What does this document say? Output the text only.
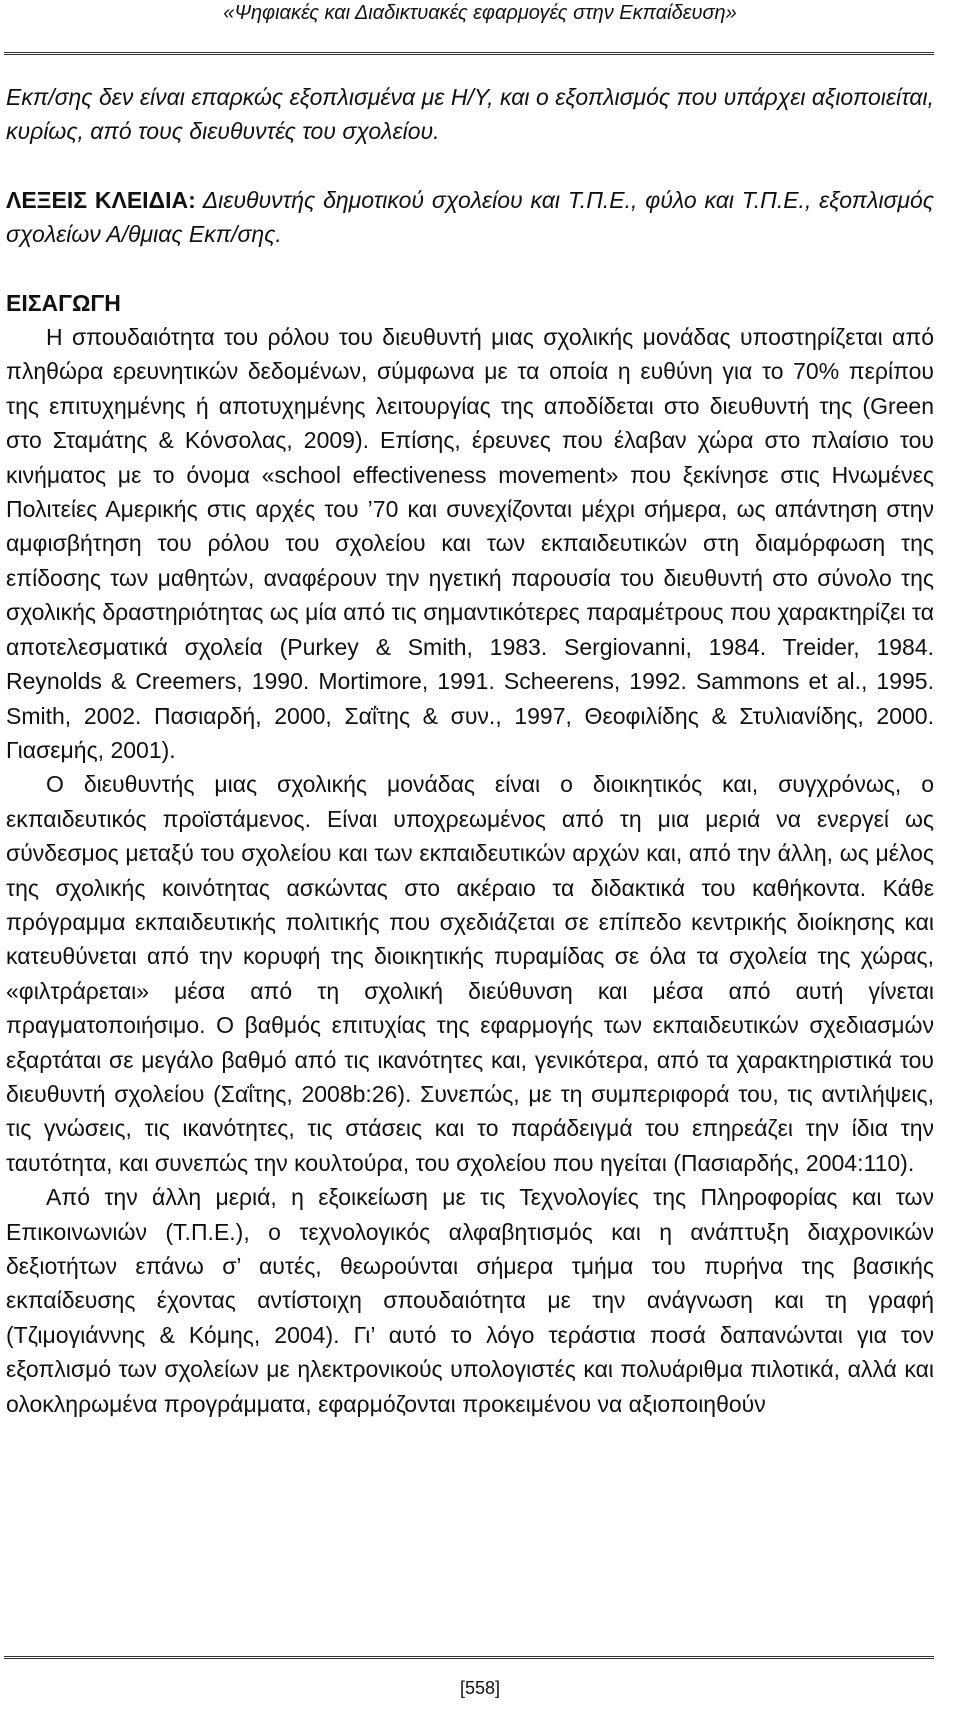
«Ψηφιακές και Διαδικτυακές εφαρμογές στην Εκπαίδευση»

Εκπ/σης δεν είναι επαρκώς εξοπλισμένα με Η/Υ, και ο εξοπλισμός που υπάρχει αξιοποιείται, κυρίως, από τους διευθυντές του σχολείου.

ΛΕΞΕΙΣ ΚΛΕΙΔΙΑ: Διευθυντής δημοτικού σχολείου και Τ.Π.Ε., φύλο και Τ.Π.Ε., εξοπλισμός σχολείων Α/θμιας Εκπ/σης.

ΕΙΣΑΓΩΓΗ

Η σπουδαιότητα του ρόλου του διευθυντή μιας σχολικής μονάδας υποστηρίζεται από πληθώρα ερευνητικών δεδομένων, σύμφωνα με τα οποία η ευθύνη για το 70% περίπου της επιτυχημένης ή αποτυχημένης λειτουργίας της αποδίδεται στο διευθυντή της (Green στο Σταμάτης & Κόνσολας, 2009). Επίσης, έρευνες που έλαβαν χώρα στο πλαίσιο του κινήματος με το όνομα «school effectiveness movement» που ξεκίνησε στις Ηνωμένες Πολιτείες Αμερικής στις αρχές του ’70 και συνεχίζονται μέχρι σήμερα, ως απάντηση στην αμφισβήτηση του ρόλου του σχολείου και των εκπαιδευτικών στη διαμόρφωση της επίδοσης των μαθητών, αναφέρουν την ηγετική παρουσία του διευθυντή στο σύνολο της σχολικής δραστηριότητας ως μία από τις σημαντικότερες παραμέτρους που χαρακτηρίζει τα αποτελεσματικά σχολεία (Purkey & Smith, 1983. Sergiovanni, 1984. Treider, 1984. Reynolds & Creemers, 1990. Mortimore, 1991. Scheerens, 1992. Sammons et al., 1995. Smith, 2002. Πασιαρδή, 2000, Σαΐτης & συν., 1997, Θεοφιλίδης & Στυλιανίδης, 2000. Γιασεμής, 2001).

Ο διευθυντής μιας σχολικής μονάδας είναι ο διοικητικός και, συγχρόνως, ο εκπαιδευτικός προϊστάμενος. Είναι υποχρεωμένος από τη μια μεριά να ενεργεί ως σύνδεσμος μεταξύ του σχολείου και των εκπαιδευτικών αρχών και, από την άλλη, ως μέλος της σχολικής κοινότητας ασκώντας στο ακέραιο τα διδακτικά του καθήκοντα. Κάθε πρόγραμμα εκπαιδευτικής πολιτικής που σχεδιάζεται σε επίπεδο κεντρικής διοίκησης και κατευθύνεται από την κορυφή της διοικητικής πυραμίδας σε όλα τα σχολεία της χώρας, «φιλτράρεται» μέσα από τη σχολική διεύθυνση και μέσα από αυτή γίνεται πραγματοποιήσιμο. Ο βαθμός επιτυχίας της εφαρμογής των εκπαιδευτικών σχεδιασμών εξαρτάται σε μεγάλο βαθμό από τις ικανότητες και, γενικότερα, από τα χαρακτηριστικά του διευθυντή σχολείου (Σαΐτης, 2008b:26). Συνεπώς, με τη συμπεριφορά του, τις αντιλήψεις, τις γνώσεις, τις ικανότητες, τις στάσεις και το παράδειγμά του επηρεάζει την ίδια την ταυτότητα, και συνεπώς την κουλτούρα, του σχολείου που ηγείται (Πασιαρδής, 2004:110).

Από την άλλη μεριά, η εξοικείωση με τις Τεχνολογίες της Πληροφορίας και των Επικοινωνιών (Τ.Π.Ε.), ο τεχνολογικός αλφαβητισμός και η ανάπτυξη διαχρονικών δεξιοτήτων επάνω σ’ αυτές, θεωρούνται σήμερα τμήμα του πυρήνα της βασικής εκπαίδευσης έχοντας αντίστοιχη σπουδαιότητα με την ανάγνωση και τη γραφή (Τζιμογιάννης & Κόμης, 2004). Γι’ αυτό το λόγο τεράστια ποσά δαπανώνται για τον εξοπλισμό των σχολείων με ηλεκτρονικούς υπολογιστές και πολυάριθμα πιλοτικά, αλλά και ολοκληρωμένα προγράμματα, εφαρμόζονται προκειμένου να αξιοποιηθούν

[558]
